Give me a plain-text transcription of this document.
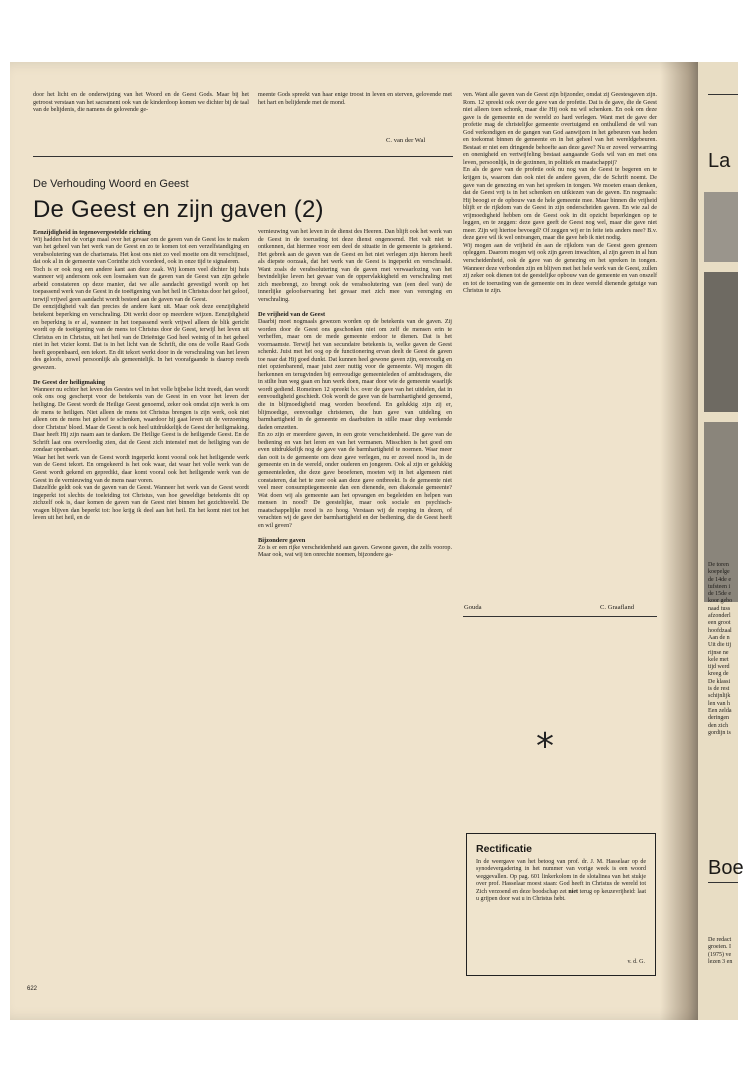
door het licht en de onderwijzing van het Woord en de Geest Gods. Maar bij het getroost verstaan van het sacrament ook van de kinderdoop komen we dichter bij de taal van de belijdenis, die namens de gelovende ge-

meente Gods spreekt van haar enige troost in leven en sterven, gelovende met het hart en belijdende met de mond.

C. van der Wal
De Verhouding Woord en Geest
De Geest en zijn gaven (2)

Eenzijdigheid in tegenovergestelde richting

Wij hadden het de vorige maal over het gevaar om de gaven van de Geest los te maken van het geheel van het werk van de Geest en zo te komen tot een verzelfstandiging en verabsolutering van de charismata. Het kost ons niet zo veel moeite om dit verschijnsel, dat ook al in de gemeente van Corinthe zich voordeed, ook in onze tijd te signaleren.

Toch is er ook nog een andere kant aan deze zaak. Wij komen veel dichter bij huis wanneer wij andersom ook een losmaken van de gaven van de Geest van zijn gehele arbeid constateren op deze manier, dat we alle aandacht gevestigd wordt op het toepassend werk van de Geest in de toeëigening van het heil in Christus door het geloof, terwijl vrijwel geen aandacht wordt besteed aan de gaven van de Geest.

De eenzijdigheid valt dan precies de andere kant uit. Maar ook deze eenzijdigheid betekent beperking en verschraling. Dit werkt door op meerdere wijzen. Eenzijdigheid en beperking is er al, wanneer in het toepassend werk vrijwel alleen de blik gericht wordt op de toeëigening van de mens tot Christus door de Geest, terwijl het leven uit Christus en in Christus, uit het heil van de Drieënige God heel weinig of in het geheel niet in het vizier komt. Dat is in het licht van de Schrift, die ons de volle Raad Gods heeft geopenbaard, een tekort. En dit tekort werkt door in de verschraling van het leven des geloofs, zowel persoonlijk als gemeentelijk. In het voorafgaande is daarop reeds gewezen.

De Geest der heiligmaking

Wanneer nu echter het leven des Geestes wel in het volle bijbelse licht treedt, dan wordt ook ons oog gescherpt voor de betekenis van de Geest in en voor het leven der heiliging. De Geest wordt de Heilige Geest genoemd, zeker ook omdat zijn werk is om de mens te heiligen. Niet alleen de mens tot Christus brengen is zijn werk, ook niet alleen om de mens het geloof te schenken, waardoor hij gaat leven uit de verzoening door Christus' bloed. Maar de Geest is ook heel uitdrukkelijk de Geest der heiligmaking. Daar heeft Hij zijn naam aan te danken. De Heilige Geest is de heiligende Geest. En de Schrift laat ons overvloedig zien, dat de Geest zich intensief met de heiliging van de zondaar openbaart.

Waar het het werk van de Geest wordt ingeperkt komt vooral ook het heiligende werk van de Geest tekort. En omgekeerd is het ook waar, dat waar het volle werk van de Geest wordt gekend en gepredikt, daar komt vooral ook het heiligende werk van de Geest in de vernieuwing van de mens naar voren.

Datzelfde geldt ook van de gaven van de Geest. Wanneer het werk van de Geest wordt ingeperkt tot slechts de toeleiding tot Christus, van hoe geweldige betekenis dit op zichzelf ook is, daar komen de gaven van de Geest niet binnen het gezichtsveld. De vragen blijven dan beperkt tot: hoe krijg ik deel aan het heil. En het komt niet tot het leven uit het heil, en de

vernieuwing van het leven in de dienst des Heeren. Dan blijft ook het werk van de Geest in de toerusting tot deze dienst ongenoemd. Het valt niet te ontkennen, dat hiermee voor een deel de situatie in de gemeente is getekend. Het gebrek aan de gaven van de Geest en het niet verlegen zijn hierom heeft als diepste oorzaak, dat het werk van de Geest is ingeperkt en verschraald. Want zoals de verabsolutering van de gaven met verwaarlozing van het bevindelijke leven het gevaar van de oppervlakkigheid en verschraling met zich meebrengt, zo brengt ook de verabsolutering van (een deel van) de innerlijke geloofservaring het gevaar met zich mee van verenging en verschraling.

De vrijheid van de Geest

Daarbij moet nogmaals gewezen worden op de betekenis van de gaven. Zij worden door de Geest ons geschonken niet om zelf de mensen erin te verheffen, maar om de mede gemeente erdoor te dienen. Dat is het voornaamste. Terwijl het van secundaire betekenis is, welke gaven de Geest schenkt. Juist met het oog op de functionering ervan deelt de Geest de gaven toe naar dat Hij goed dunkt. Dat kunnen heel gewone gaven zijn, eenvoudig en niet opzienbarend, maar juist zeer nuttig voor de gemeente. Wij mogen dit herkennen en terugvinden bij eenvoudige gemeenteleden of ambtsdragers, die in stilte hun weg gaan en hun werk doen, maar door wie de gemeente waarlijk wordt gediend. Romeinen 12 spreekt b.v. over de gave van het uitdelen, dat in eenvoudigheid geschiedt. Ook wordt de gave van de barmhartigheid genoemd, die in blijmoedigheid mag worden beoefend. En gelukkig zijn zij er, blijmoedige, eenvoudige christenen, die hun gave van uitdeling en barmhartigheid in de gemeente en daarbuiten in stille maar diep werkende daden omzetten.

En zo zijn er meerdere gaven, in een grote verscheidenheid. De gave van de bediening en van het leren en van het vermanen. Misschien is het goed om even uitdrukkelijk nog de gave van de barmhartigheid te noemen. Waar meer dan ooit is de gemeente om deze gave verlegen, nu er zoveel nood is, in de gemeente en in de wereld, onder ouderen en jongeren. Ook al zijn er gelukkig gemeenteleden, die deze gave beoefenen, moeten wij in het algemeen niet constateren, dat het te zeer ook aan deze gave ontbreekt. Is de gemeente niet veel meer consumptiegemeente dan een dienende, een diakonale gemeente? Wat doen wij als gemeente aan het opvangen en begeleiden en helpen van mensen in nood? De geestelijke, maar ook sociale en psychisch-maatschappelijke nood is zo hoog. Verstaan wij de roeping in dezen, of verachten wij de gave der barmhartigheid en der bediening, die de Geest heeft en wil geven?

Bijzondere gaven

Zo is er een rijke verscheidenheid aan gaven. Gewone gaven, die zelfs voorop. Maar ook, wat wij ten onrechte noemen, bijzondere ga-

ven. Want alle gaven van de Geest zijn bijzonder, omdat zij Geestesgaven zijn. Rom. 12 spreekt ook over de gave van de profetie. Dat is de gave, die de Geest niet alleen toen schonk, maar die Hij ook nu wil schenken. En ook om deze gave is de gemeente en de wereld zo hard verlegen. Want met de gave der profetie mag de christelijke gemeente overtuigend en onthullend de wil van God verkondigen en de gangen van God aanwijzen in het gebeuren van heden en toekomst binnen de gemeente en in het geheel van het wereldgebeuren. Bestaat er niet een dringende behoefte aan deze gave? Nu er zoveel verwarring en onenigheid en vertwijfeling bestaat aangaande Gods wil van en met ons leven, persoonlijk, in de gezinnen, in politiek en maatschappij?

En als de gave van de profetie ook nu nog van de Geest te begeren en te krijgen is, waarom dan ook niet de andere gaven, die de Schrift noemt. De gave van de genezing en van het spreken in tongen. We moeten eraan denken, dat de Geest vrij is in het schenken en uitkiezen van de gaven. En nogmaals: Hij beoogt er de opbouw van de hele gemeente mee. Maar binnen die vrijheid blijft er de rijkdom van de Geest in zijn onderscheiden gaven. En wie zal de vrijmoedigheid hebben om de Geest ook in dit opzicht beperkingen op te leggen, en te zeggen: deze gave geeft de Geest nog wel, maar die gave niet meer. Zijn wij hiertoe bevoegd? Of zeggen wij er in feite iets anders mee? B.v. deze gave wil ik wel ontvangen, maar die gave heb ik niet nodig.

Wij mogen aan de vrijheid én aan de rijkdom van de Geest geen grenzen opleggen. Daarom mogen wij ook zijn gaven inwachten, al zijn gaven in al hun verscheidenheid, ook de gave van de genezing en het spreken in tongen. Wanneer deze verbonden zijn en blijven met het hele werk van de Geest, zullen zij zeker ook dienen tot de geestelijke opbouw van de gemeente en van onszelf en tot de toerusting van de gemeente om in deze wereld dienende getuige van Christus te zijn.

Gouda	C. Graafland
*
Rectificatie
In de weergave van het betoog van prof. dr. J. M. Hasselaar op de synodevergadering in het nummer van vorige week is een woord weggevallen. Op pag. 601 linkerkolom in de slotalinea van het stukje over prof. Hasselaar moest staan: God heeft in Christus de wereld tot Zich verzoend en deze boodschap zet niet terug op keuzevrijheid: laat u grijpen door wat u in Christus hebt.
v. d. G.
622
La
De toren
koepelge
de 14de e
tufsteen i
de 15de e
koor gebo
naad tuss
afzonderl
een groot
hoofdzaal
Aan de n
Uit die tij
rijnse ne
kele met
tijd werd
kreeg de
De klassi
is de rest
schijnlijk
len van h
Een zelda
deringen
den zich
gordijn is
Boe
De redact
groeien. I
(1975) ve
lezen 3 en
